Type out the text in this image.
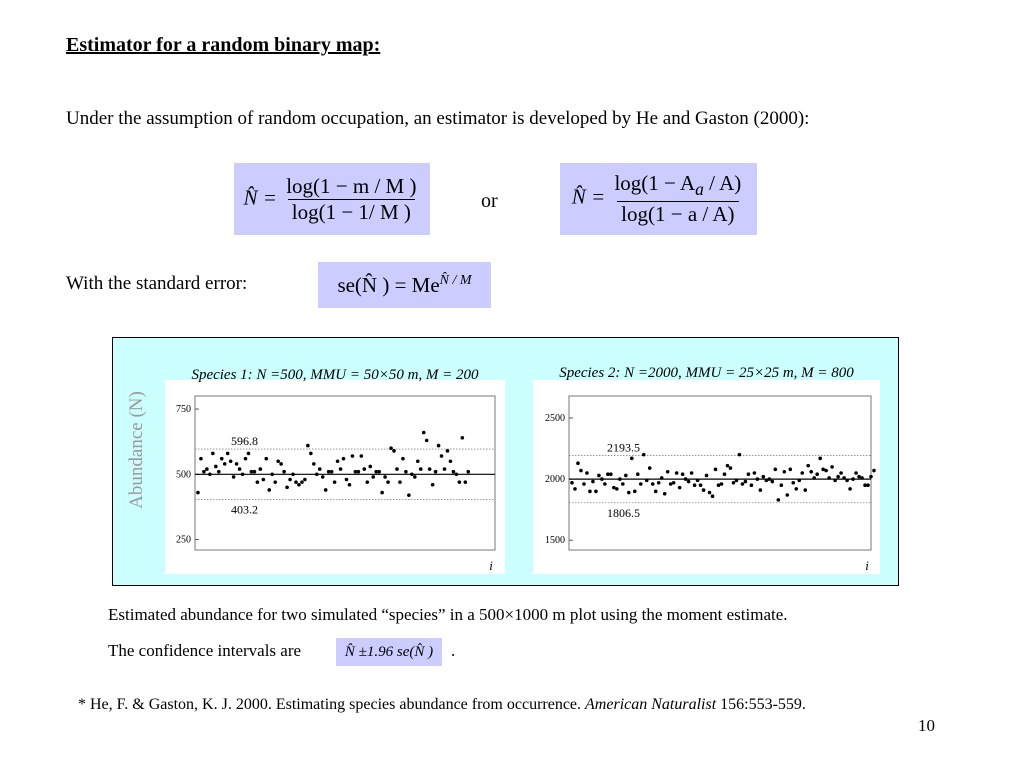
Estimator for a random binary map:
Under the assumption of random occupation, an estimator is developed by He and Gaston (2000):
N̂ = $\frac{\log(1 - m / M )}{\log(1 - 1/ M )}$	or	N̂ = $\frac{\log(1 - A_a / A)}{\log(1 - a / A)}$
With the standard error:	se(N̂ ) = $Me^{N̂ / M}$
Abundance (N)
Species 1: N =500, MMU = 50×50 m, M = 200
250
500
750
596.8
403.2
i
Species 2: N =2000, MMU = 25×25 m, M = 800
1500
2000
2500
2193.5
1806.5
i
Estimated abundance for two simulated “species” in a 500×1000 m plot using the moment estimate.
The confidence intervals are	N̂ ±1.96 se(N̂ ) .
* He, F. & Gaston, K. J. 2000. Estimating species abundance from occurrence. American Naturalist 156:553-559.
10
